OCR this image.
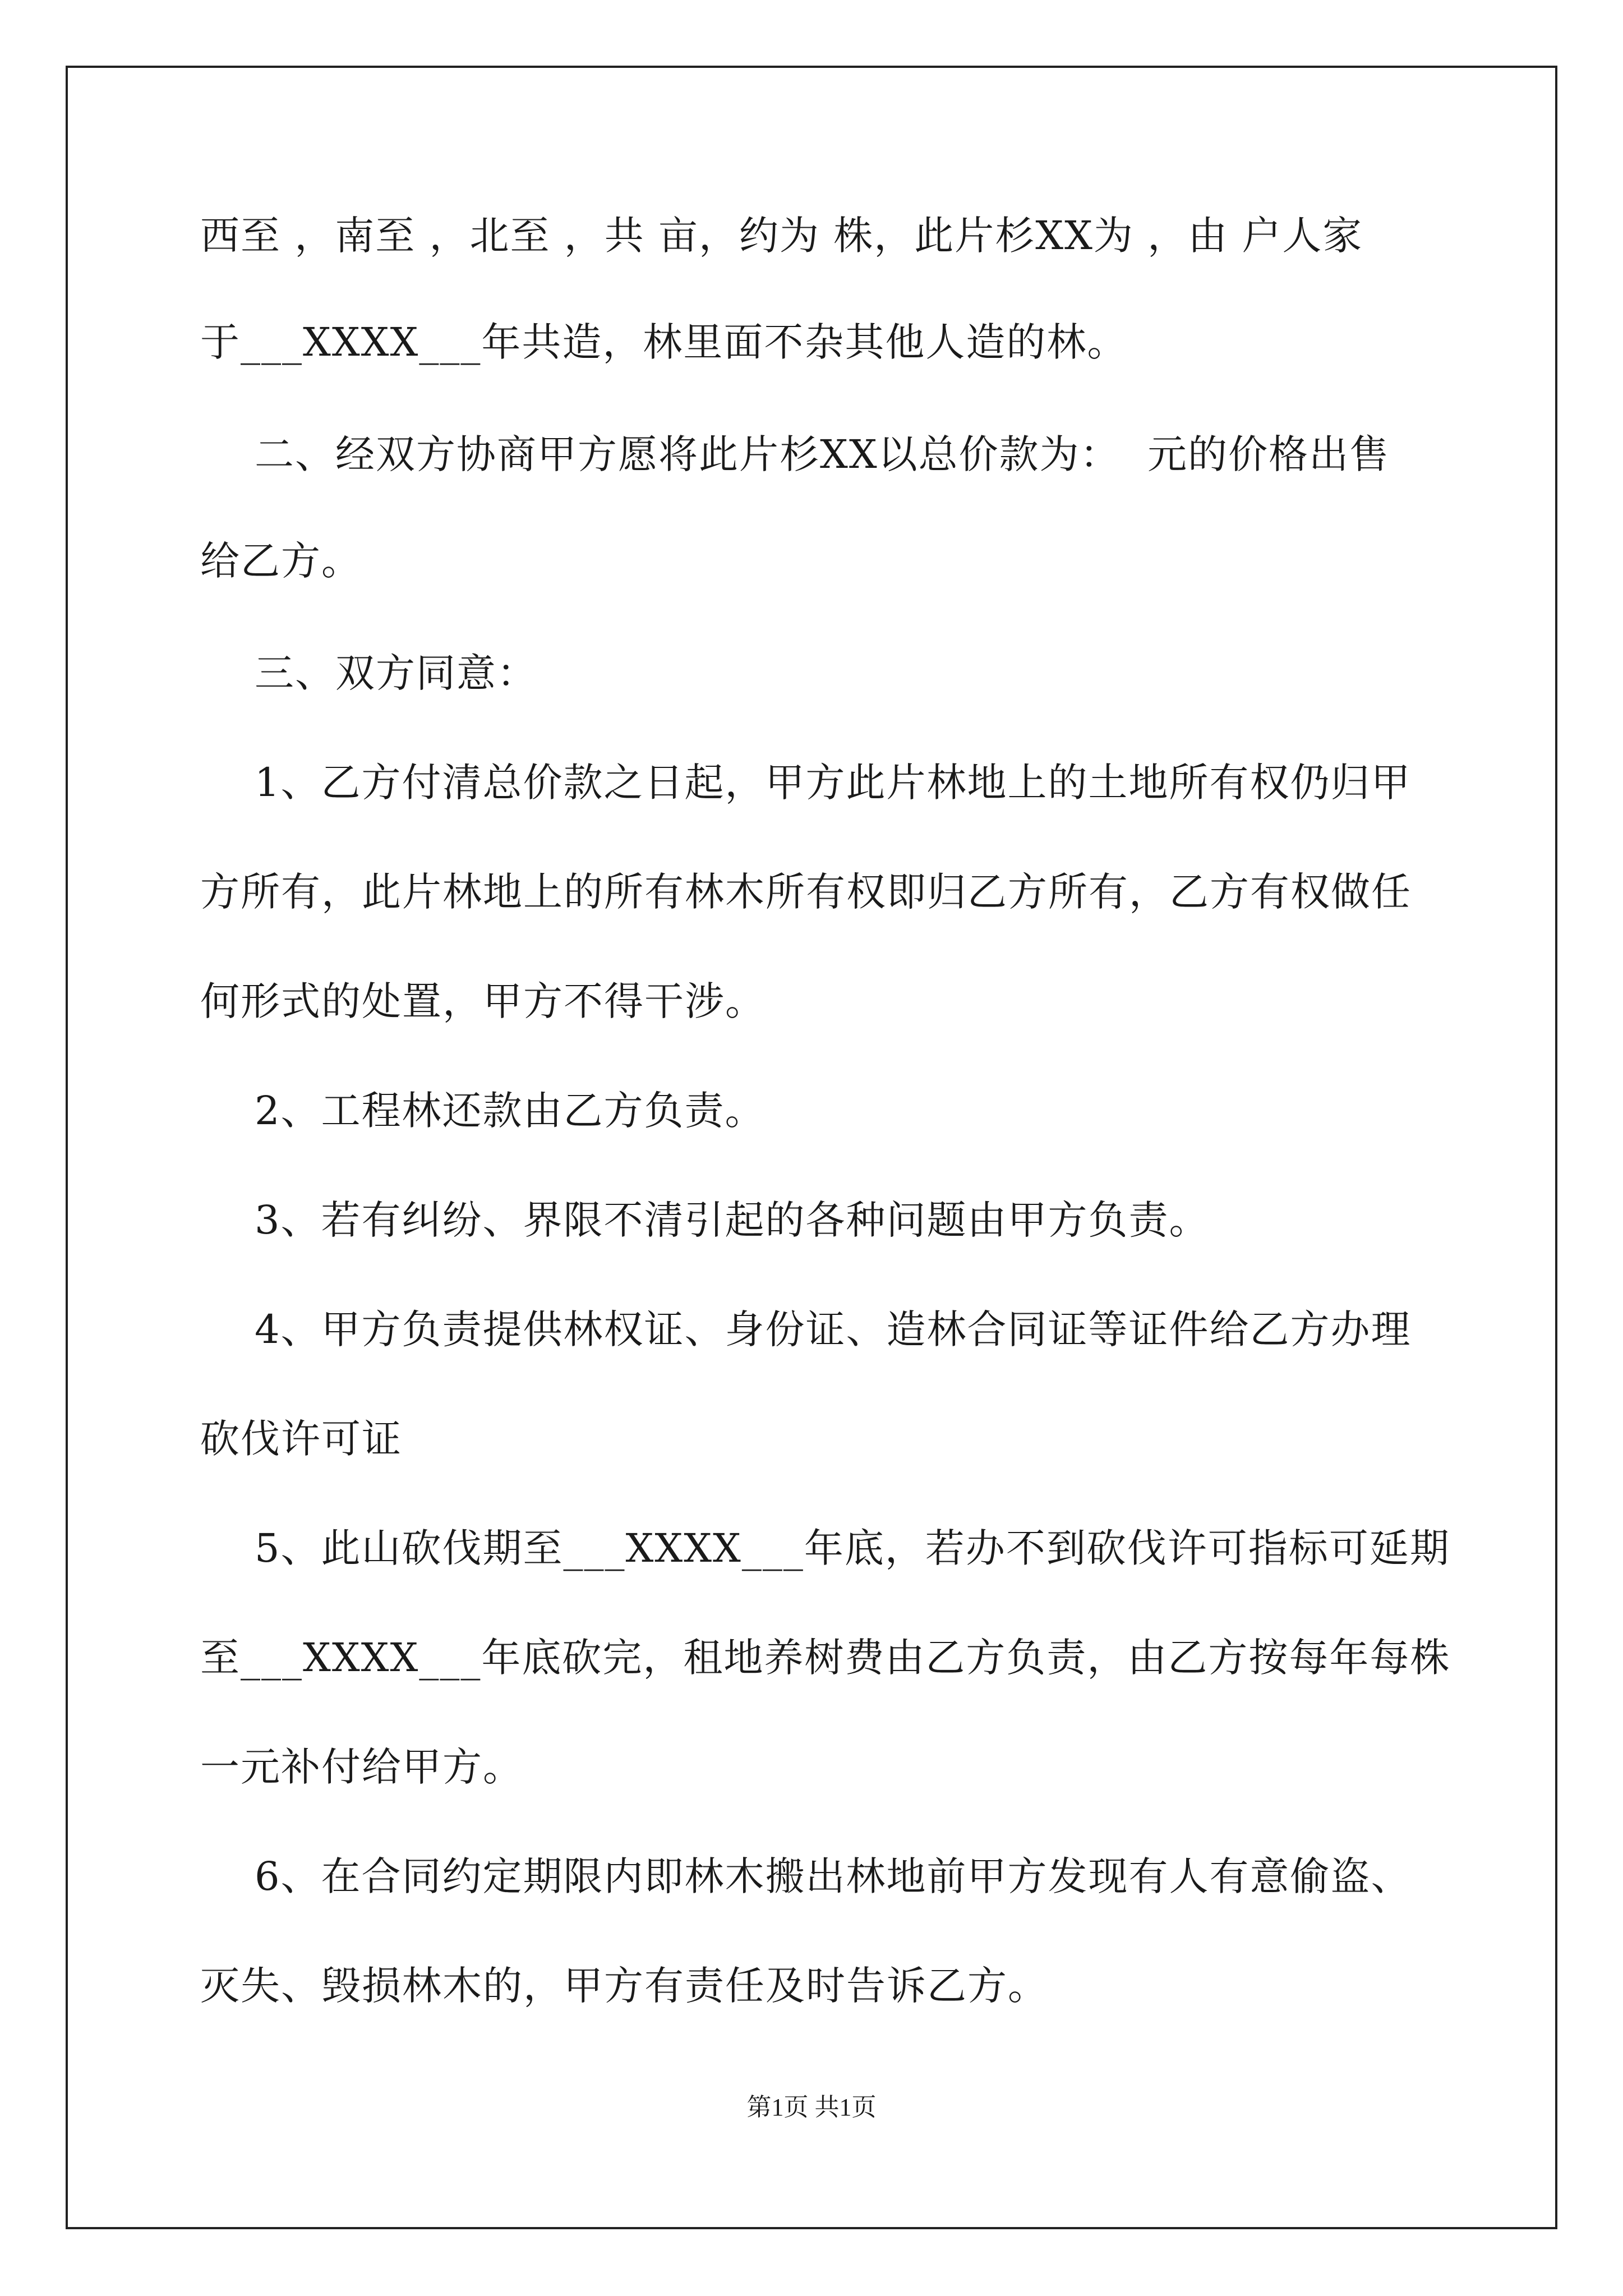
西至 ，南至 ，北至 ，共 亩，约为 株，此片杉XX为 ，由 户人家
于___XXXX___年共造，林里面不杂其他人造的林。
二、经双方协商甲方愿将此片杉XX以总价款为：  元的价格出售
给乙方。
三、双方同意：
1、乙方付清总价款之日起，甲方此片林地上的土地所有权仍归甲
方所有，此片林地上的所有林木所有权即归乙方所有，乙方有权做任
何形式的处置，甲方不得干涉。
2、工程林还款由乙方负责。
3、若有纠纷、界限不清引起的各种问题由甲方负责。
4、甲方负责提供林权证、身份证、造林合同证等证件给乙方办理
砍伐许可证
5、此山砍伐期至___XXXX___年底，若办不到砍伐许可指标可延期
至___XXXX___年底砍完，租地养树费由乙方负责，由乙方按每年每株
一元补付给甲方。
6、在合同约定期限内即林木搬出林地前甲方发现有人有意偷盗、
灭失、毁损林木的，甲方有责任及时告诉乙方。
第1页 共1页
